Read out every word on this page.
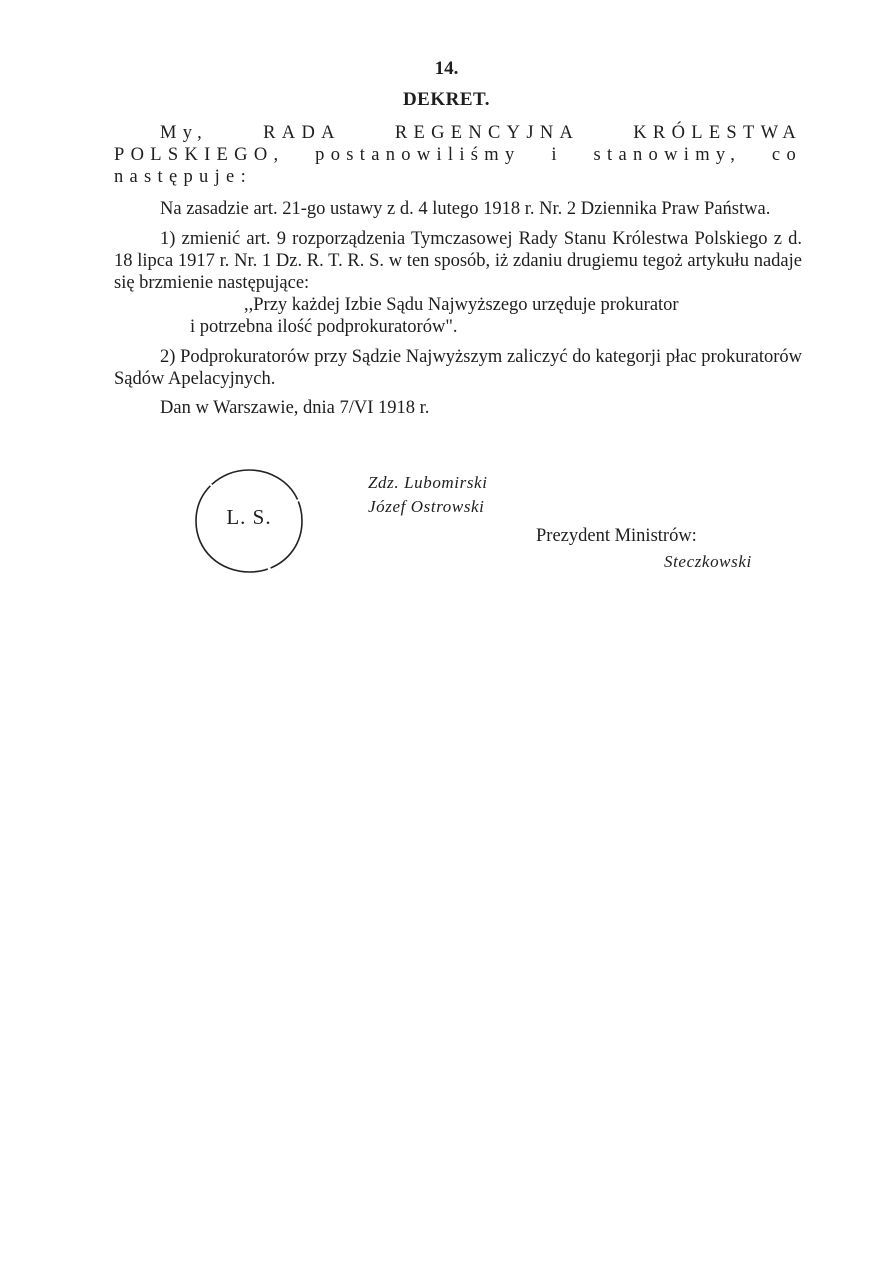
14.
DEKRET.

My, RADA REGENCYJNA KRÓLESTWA POLSKIEGO, postanowiliśmy i stanowimy, co następuje:

Na zasadzie art. 21-go ustawy z d. 4 lutego 1918 r. Nr. 2 Dziennika Praw Państwa.

1) zmienić art. 9 rozporządzenia Tymczasowej Rady Stanu Królestwa Polskiego z d. 18 lipca 1917 r. Nr. 1 Dz. R. T. R. S. w ten sposób, iż zdaniu drugiemu tegoż artykułu nadaje się brzmienie następujące:

,,Przy każdej Izbie Sądu Najwyższego urzęduje prokurator
i potrzebna ilość podprokuratorów".

2) Podprokuratorów przy Sądzie Najwyższym zaliczyć do kategorji płac prokuratorów Sądów Apelacyjnych.

Dan w Warszawie, dnia 7/VI 1918 r.

L. S.
Zdz. Lubomirski
Józef Ostrowski
Prezydent Ministrów:
Steczkowski
